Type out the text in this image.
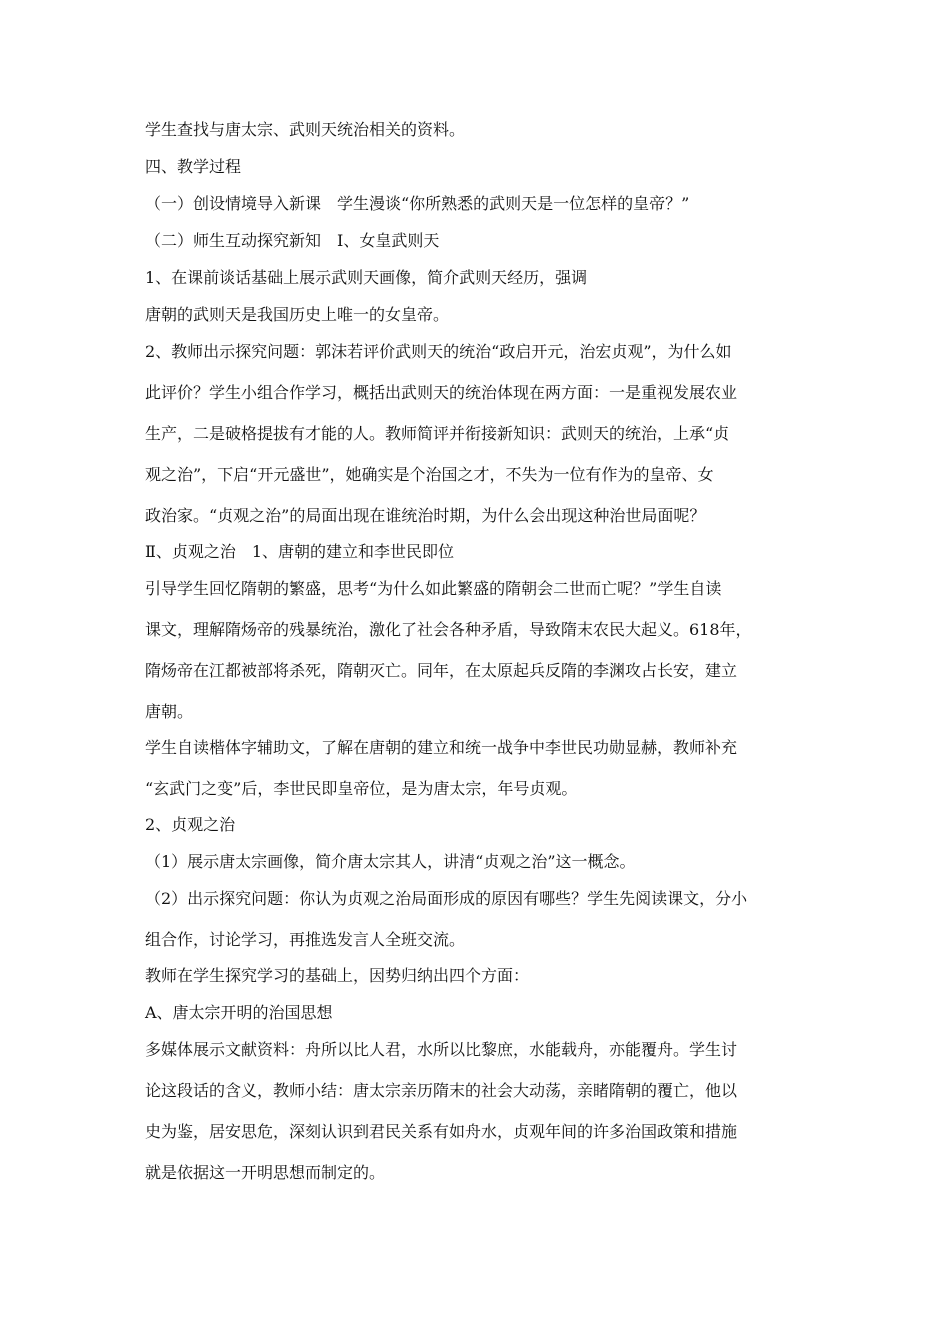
学生查找与唐太宗、武则天统治相关的资料。

四、教学过程

（一）创设情境导入新课　学生漫谈“你所熟悉的武则天是一位怎样的皇帝？”

（二）师生互动探究新知　Ⅰ、女皇武则天

1、在课前谈话基础上展示武则天画像，简介武则天经历，强调

唐朝的武则天是我国历史上唯一的女皇帝。

2、教师出示探究问题：郭沫若评价武则天的统治“政启开元，治宏贞观”，为什么如

此评价？学生小组合作学习，概括出武则天的统治体现在两方面：一是重视发展农业

生产，二是破格提拔有才能的人。教师简评并衔接新知识：武则天的统治，上承“贞

观之治”，下启“开元盛世”，她确实是个治国之才，不失为一位有作为的皇帝、女

政治家。“贞观之治”的局面出现在谁统治时期，为什么会出现这种治世局面呢？

Ⅱ、贞观之治　1、唐朝的建立和李世民即位

引导学生回忆隋朝的繁盛，思考“为什么如此繁盛的隋朝会二世而亡呢？”学生自读

课文，理解隋炀帝的残暴统治，激化了社会各种矛盾，导致隋末农民大起义。618年，

隋炀帝在江都被部将杀死，隋朝灭亡。同年，在太原起兵反隋的李渊攻占长安，建立

唐朝。

学生自读楷体字辅助文，了解在唐朝的建立和统一战争中李世民功勋显赫，教师补充

“玄武门之变”后，李世民即皇帝位，是为唐太宗，年号贞观。

2、贞观之治

（1）展示唐太宗画像，简介唐太宗其人，讲清“贞观之治”这一概念。

（2）出示探究问题：你认为贞观之治局面形成的原因有哪些？学生先阅读课文，分小

组合作，讨论学习，再推选发言人全班交流。

教师在学生探究学习的基础上，因势归纳出四个方面：

A、唐太宗开明的治国思想

多媒体展示文献资料：舟所以比人君，水所以比黎庶，水能载舟，亦能覆舟。学生讨

论这段话的含义，教师小结：唐太宗亲历隋末的社会大动荡，亲睹隋朝的覆亡，他以

史为鉴，居安思危，深刻认识到君民关系有如舟水，贞观年间的许多治国政策和措施

就是依据这一开明思想而制定的。
